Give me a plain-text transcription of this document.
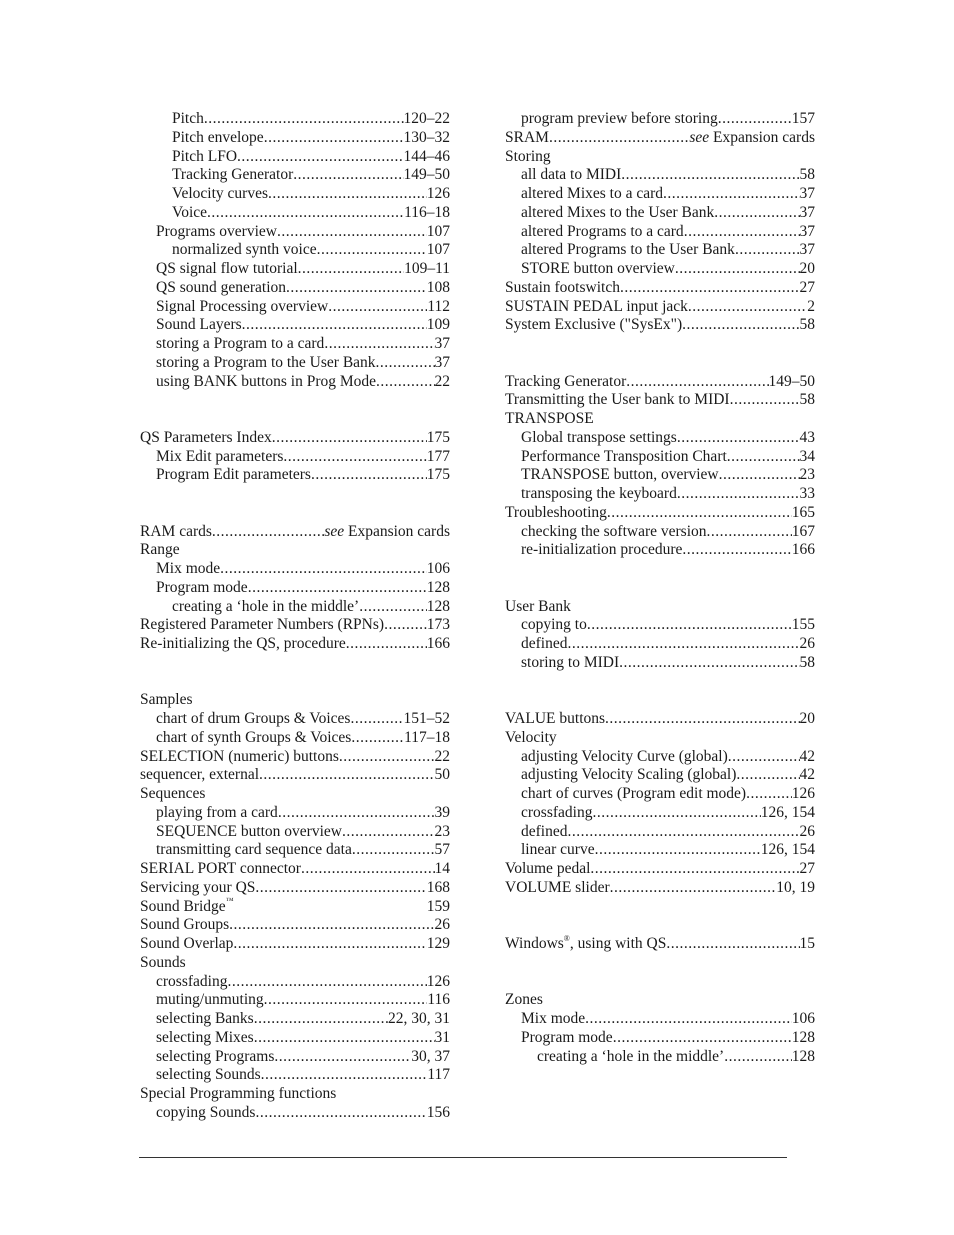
Pitch .....	120–22
Pitch envelope .....	130–32
Pitch LFO .....	144–46
Tracking Generator .....	149–50
Velocity curves .....	126
Voice .....	116–18
Programs overview .....	107
normalized synth voice .....	107
QS signal flow tutorial .....	109–11
QS sound generation .....	108
Signal Processing overview .....	112
Sound Layers .....	109
storing a Program to a card .....	37
storing a Program to the User Bank .....	37
using BANK buttons in Prog Mode .....	22
QS Parameters Index .....	175
Mix Edit parameters .....	177
Program Edit parameters .....	175
RAM cards .....	see Expansion cards
Range
Mix mode .....	106
Program mode .....	128
creating a ‘hole in the middle’ .....	128
Registered Parameter Numbers (RPNs) .....	173
Re-initializing the QS, procedure .....	166
Samples
chart of drum Groups & Voices .....	151–52
chart of synth Groups & Voices .....	117–18
SELECTION (numeric) buttons .....	22
sequencer, external .....	50
Sequences
playing from a card .....	39
SEQUENCE button overview .....	23
transmitting card sequence data .....	57
SERIAL PORT connector .....	14
Servicing your QS .....	168
Sound Bridge™	159
Sound Groups .....	26
Sound Overlap .....	129
Sounds
crossfading .....	126
muting/unmuting .....	116
selecting Banks .....	22, 30, 31
selecting Mixes .....	31
selecting Programs .....	30, 37
selecting Sounds .....	117
Special Programming functions
copying Sounds .....	156
program preview before storing .....	157
SRAM .....	see Expansion cards
Storing
all data to MIDI .....	58
altered Mixes to a card .....	37
altered Mixes to the User Bank .....	37
altered Programs to a card .....	37
altered Programs to the User Bank .....	37
STORE button overview .....	20
Sustain footswitch .....	27
SUSTAIN PEDAL input jack .....	2
System Exclusive ("SysEx") .....	58
Tracking Generator .....	149–50
Transmitting the User bank to MIDI .....	58
TRANSPOSE
Global transpose settings .....	43
Performance Transposition Chart .....	34
TRANSPOSE button, overview .....	23
transposing the keyboard .....	33
Troubleshooting .....	165
checking the software version .....	167
re-initialization procedure .....	166
User Bank
copying to .....	155
defined .....	26
storing to MIDI .....	58
VALUE buttons .....	20
Velocity
adjusting Velocity Curve (global) .....	42
adjusting Velocity Scaling (global) .....	42
chart of curves (Program edit mode) .....	126
crossfading .....	126, 154
defined .....	26
linear curve .....	126, 154
Volume pedal .....	27
VOLUME slider .....	10, 19
Windows®, using with QS .....	15
Zones
Mix mode .....	106
Program mode .....	128
creating a ‘hole in the middle’ .....	128
